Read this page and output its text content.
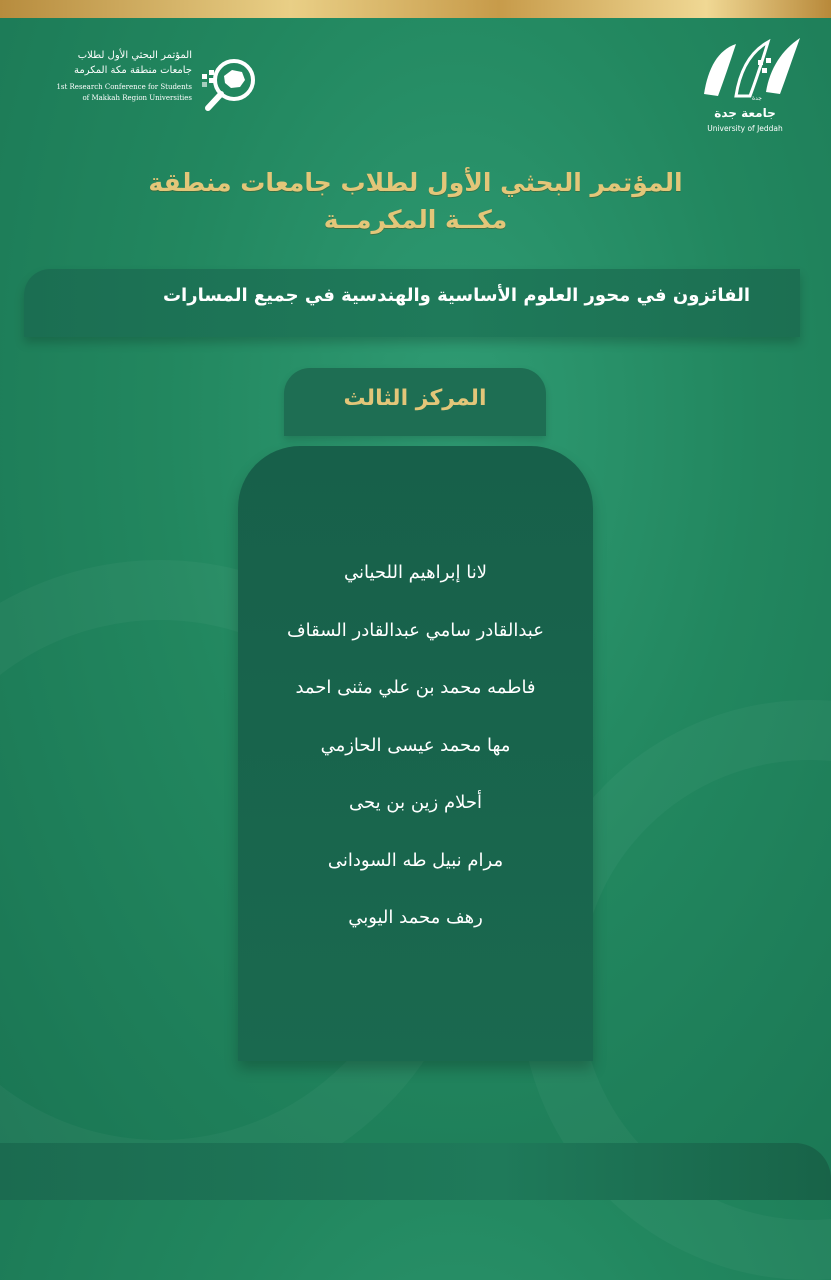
المؤتمر البحثي الأول لطلاب
جامعات منطقة مكة المكرمة
1st Research Conference for Students
of Makkah Region Universities	جدة
جامعة جدة
University of Jeddah
المؤتمر البحثي الأول لطلاب جامعات منطقة
مكــة المكرمــة
الفائزون في محور العلوم الأساسية والهندسية في جميع المسارات
المركز الثالث
لانا إبراهيم اللحياني
عبدالقادر سامي عبدالقادر السقاف
فاطمه محمد بن علي مثنى احمد
مها محمد عيسى الحازمي
أحلام زين بن يحى
مرام نبيل طه السودانى
رهف محمد اليوبي
